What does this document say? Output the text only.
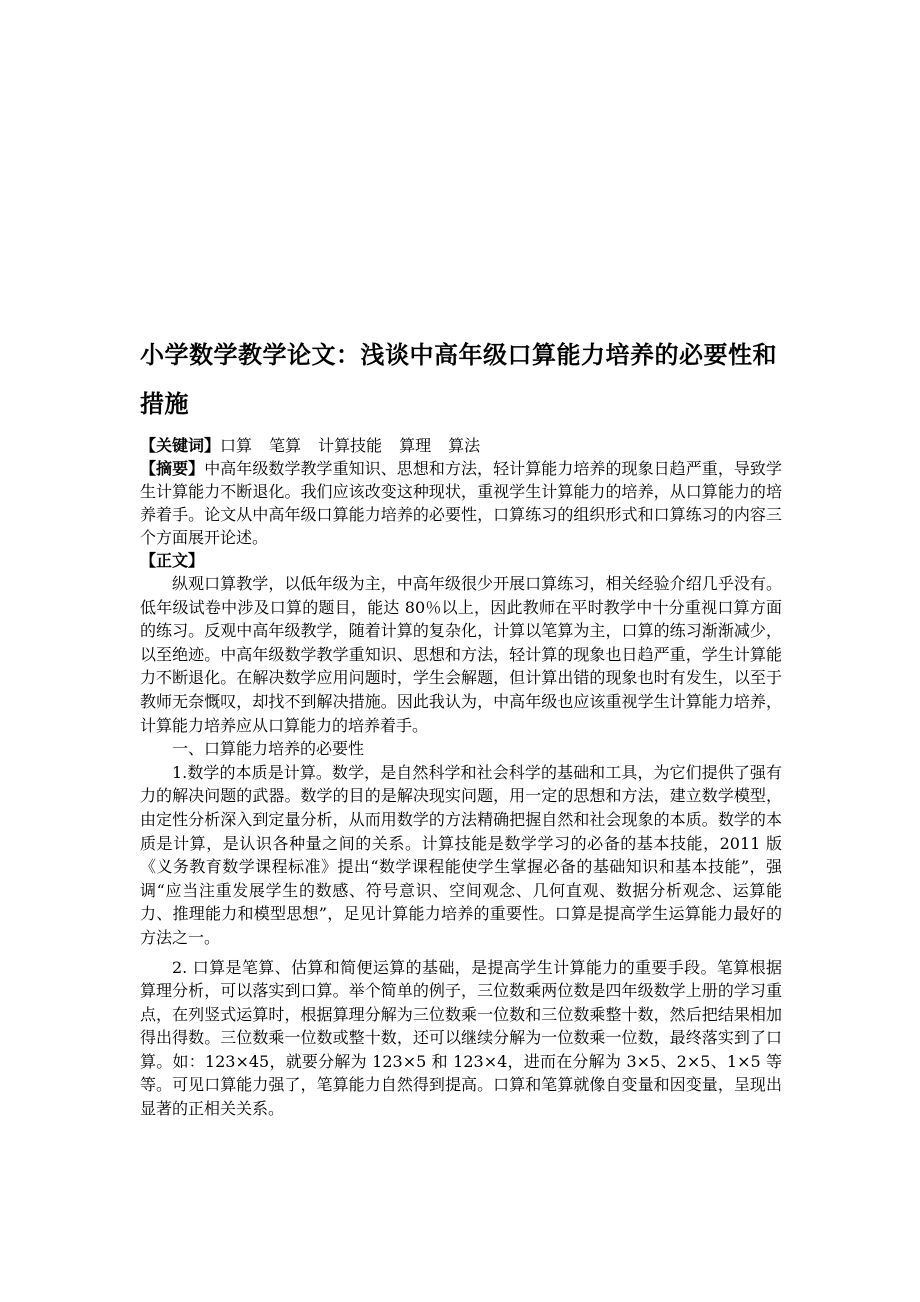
小学数学教学论文：浅谈中高年级口算能力培养的必要性和措施

【关键词】口算 笔算 计算技能 算理 算法

【摘要】中高年级数学教学重知识、思想和方法，轻计算能力培养的现象日趋严重，导致学生计算能力不断退化。我们应该改变这种现状，重视学生计算能力的培养，从口算能力的培养着手。论文从中高年级口算能力培养的必要性，口算练习的组织形式和口算练习的内容三个方面展开论述。

【正文】

纵观口算教学，以低年级为主，中高年级很少开展口算练习，相关经验介绍几乎没有。低年级试卷中涉及口算的题目，能达 80％以上，因此教师在平时教学中十分重视口算方面的练习。反观中高年级教学，随着计算的复杂化，计算以笔算为主，口算的练习渐渐减少，以至绝迹。中高年级数学教学重知识、思想和方法，轻计算的现象也日趋严重，学生计算能力不断退化。在解决数学应用问题时，学生会解题，但计算出错的现象也时有发生，以至于教师无奈慨叹，却找不到解决措施。因此我认为，中高年级也应该重视学生计算能力培养，计算能力培养应从口算能力的培养着手。

一、口算能力培养的必要性

1.数学的本质是计算。数学，是自然科学和社会科学的基础和工具，为它们提供了强有力的解决问题的武器。数学的目的是解决现实问题，用一定的思想和方法，建立数学模型，由定性分析深入到定量分析，从而用数学的方法精确把握自然和社会现象的本质。数学的本质是计算，是认识各种量之间的关系。计算技能是数学学习的必备的基本技能，2011 版《义务教育数学课程标准》提出“数学课程能使学生掌握必备的基础知识和基本技能”，强调“应当注重发展学生的数感、符号意识、空间观念、几何直观、数据分析观念、运算能力、推理能力和模型思想”，足见计算能力培养的重要性。口算是提高学生运算能力最好的方法之一。

2. 口算是笔算、估算和简便运算的基础，是提高学生计算能力的重要手段。笔算根据算理分析，可以落实到口算。举个简单的例子，三位数乘两位数是四年级数学上册的学习重点，在列竖式运算时，根据算理分解为三位数乘一位数和三位数乘整十数，然后把结果相加得出得数。三位数乘一位数或整十数，还可以继续分解为一位数乘一位数，最终落实到了口算。如：123×45，就要分解为 123×5 和 123×4，进而在分解为 3×5、2×5、1×5 等等。可见口算能力强了，笔算能力自然得到提高。口算和笔算就像自变量和因变量，呈现出显著的正相关关系。
